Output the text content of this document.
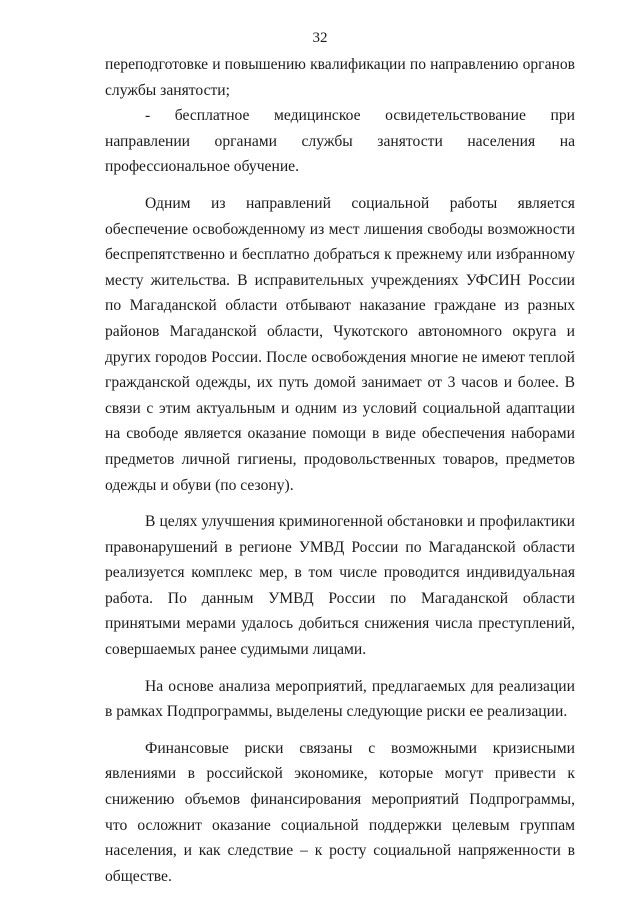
32

переподготовке и повышению квалификации по направлению органов службы занятости;

- бесплатное медицинское освидетельствование при направлении органами службы занятости населения на профессиональное обучение.

Одним из направлений социальной работы является обеспечение освобожденному из мест лишения свободы возможности беспрепятственно и бесплатно добраться к прежнему или избранному месту жительства. В исправительных учреждениях УФСИН России по Магаданской области отбывают наказание граждане из разных районов Магаданской области, Чукотского автономного округа и других городов России. После освобождения многие не имеют теплой гражданской одежды, их путь домой занимает от 3 часов и более. В связи с этим актуальным и одним из условий социальной адаптации на свободе является оказание помощи в виде обеспечения наборами предметов личной гигиены, продовольственных товаров, предметов одежды и обуви (по сезону).

В целях улучшения криминогенной обстановки и профилактики правонарушений в регионе УМВД России по Магаданской области реализуется комплекс мер, в том числе проводится индивидуальная работа. По данным УМВД России по Магаданской области принятыми мерами удалось добиться снижения числа преступлений, совершаемых ранее судимыми лицами.

На основе анализа мероприятий, предлагаемых для реализации в рамках Подпрограммы, выделены следующие риски ее реализации.

Финансовые риски связаны с возможными кризисными явлениями в российской экономике, которые могут привести к снижению объемов финансирования мероприятий Подпрограммы, что осложнит оказание социальной поддержки целевым группам населения, и как следствие – к росту социальной напряженности в обществе.
